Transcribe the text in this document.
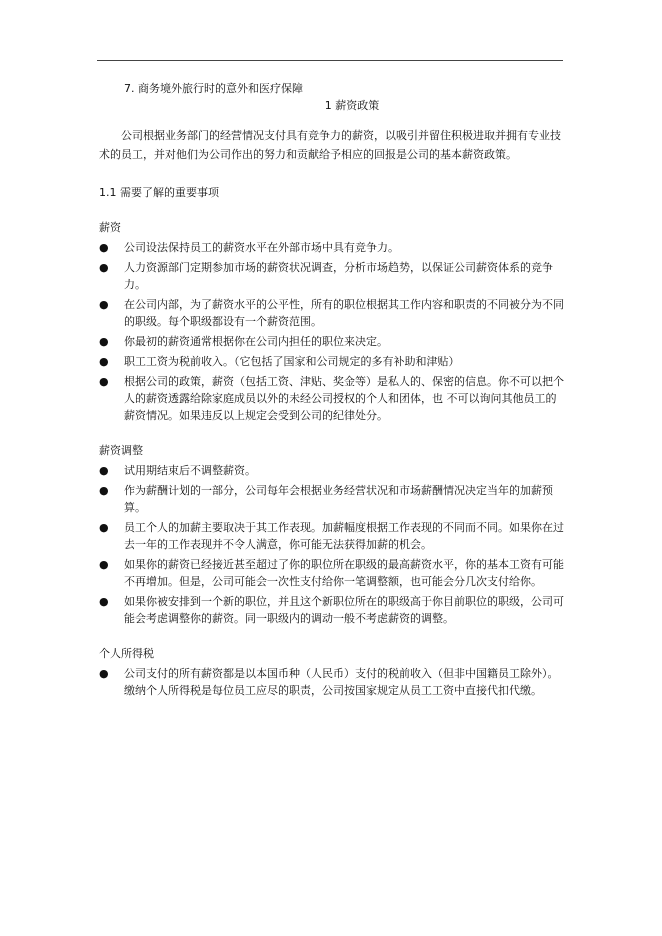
7. 商务境外旅行时的意外和医疗保障

1 薪资政策

公司根据业务部门的经营情况支付具有竞争力的薪资，以吸引并留住积极进取并拥有专业技术的员工，并对他们为公司作出的努力和贡献给予相应的回报是公司的基本薪资政策。

1.1 需要了解的重要事项

薪资

● 公司设法保持员工的薪资水平在外部市场中具有竞争力。
● 人力资源部门定期参加市场的薪资状况调查，分析市场趋势，以保证公司薪资体系的竞争力。
● 在公司内部，为了薪资水平的公平性，所有的职位根据其工作内容和职责的不同被分为不同的职级。每个职级都设有一个薪资范围。
● 你最初的薪资通常根据你在公司内担任的职位来决定。
● 职工工资为税前收入。（它包括了国家和公司规定的多有补助和津贴）
● 根据公司的政策，薪资（包括工资、津贴、奖金等）是私人的、保密的信息。你不可以把个人的薪资透露给除家庭成员以外的未经公司授权的个人和团体，也 不可以询问其他员工的薪资情况。如果违反以上规定会受到公司的纪律处分。

薪资调整

● 试用期结束后不调整薪资。
● 作为薪酬计划的一部分，公司每年会根据业务经营状况和市场薪酬情况决定当年的加薪预算。
● 员工个人的加薪主要取决于其工作表现。加薪幅度根据工作表现的不同而不同。如果你在过去一年的工作表现并不令人满意，你可能无法获得加薪的机会。
● 如果你的薪资已经接近甚至超过了你的职位所在职级的最高薪资水平，你的基本工资有可能不再增加。但是，公司可能会一次性支付给你一笔调整额，也可能会分几次支付给你。
● 如果你被安排到一个新的职位，并且这个新职位所在的职级高于你目前职位的职级，公司可能会考虑调整你的薪资。同一职级内的调动一般不考虑薪资的调整。

个人所得税

● 公司支付的所有薪资都是以本国币种（人民币）支付的税前收入（但非中国籍员工除外）。缴纳个人所得税是每位员工应尽的职责，公司按国家规定从员工工资中直接代扣代缴。
